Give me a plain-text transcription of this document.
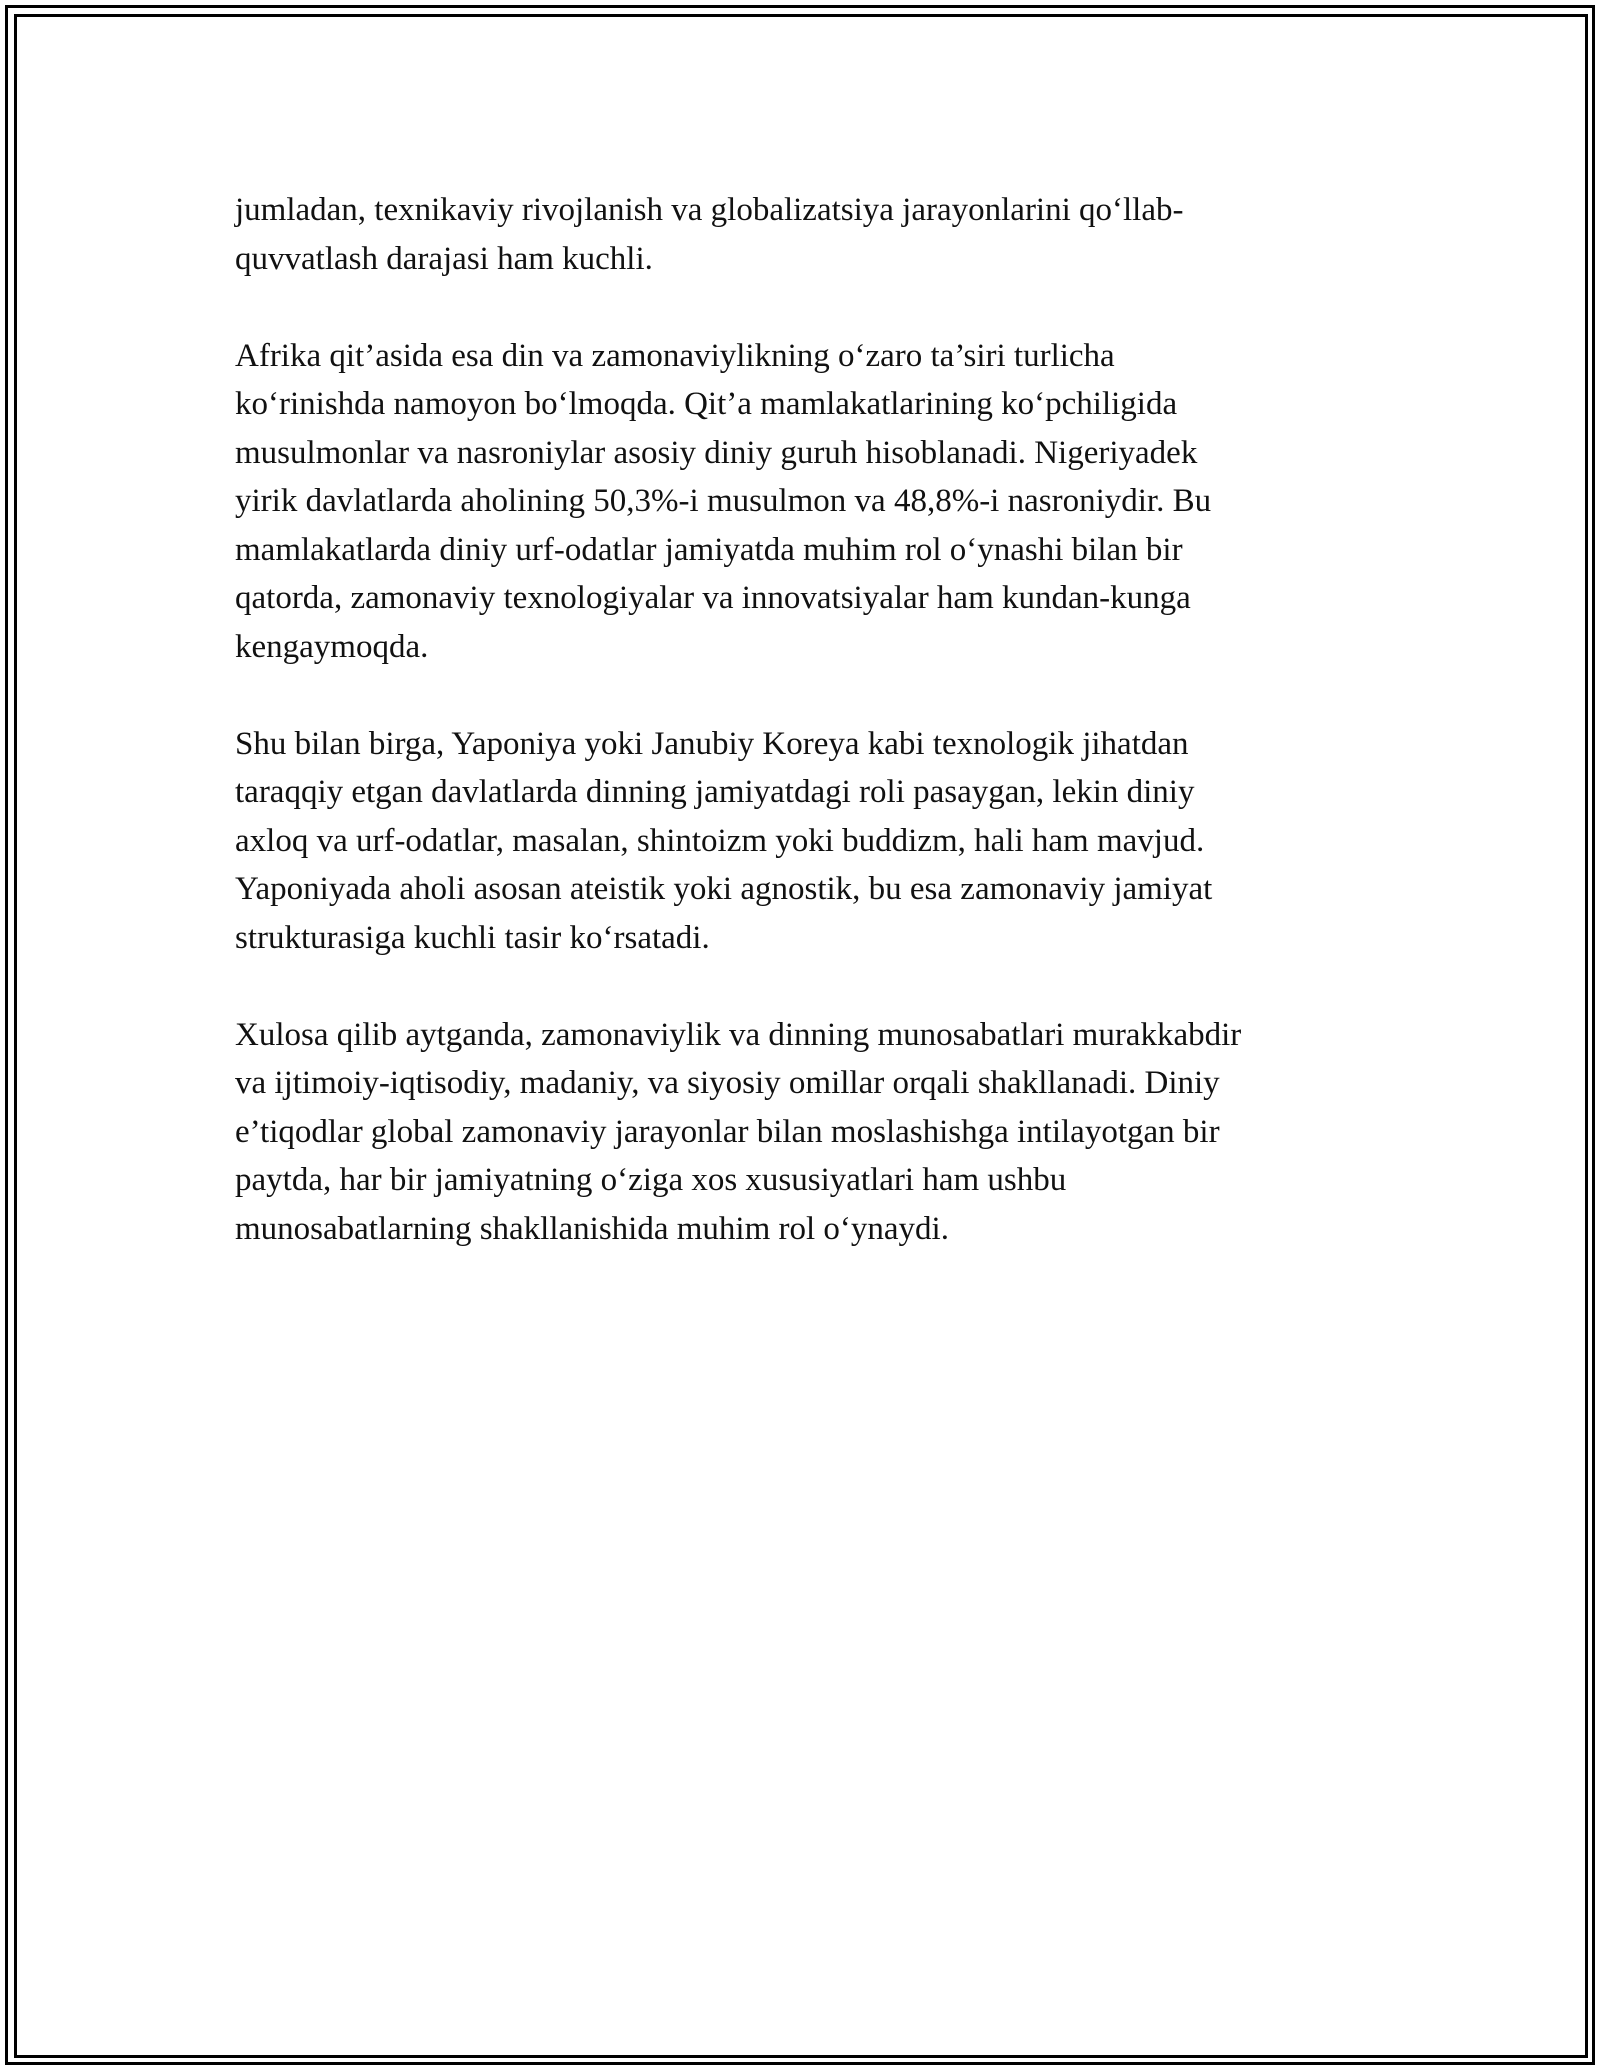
jumladan, texnikaviy rivojlanish va globalizatsiya jarayonlarini qo‘llab-
quvvatlash darajasi ham kuchli.

Afrika qit’asida esa din va zamonaviylikning o‘zaro ta’siri turlicha
ko‘rinishda namoyon bo‘lmoqda. Qit’a mamlakatlarining ko‘pchiligida
musulmonlar va nasroniylar asosiy diniy guruh hisoblanadi. Nigeriyadek
yirik davlatlarda aholining 50,3%-i musulmon va 48,8%-i nasroniydir. Bu
mamlakatlarda diniy urf-odatlar jamiyatda muhim rol o‘ynashi bilan bir
qatorda, zamonaviy texnologiyalar va innovatsiyalar ham kundan-kunga
kengaymoqda.

Shu bilan birga, Yaponiya yoki Janubiy Koreya kabi texnologik jihatdan
taraqqiy etgan davlatlarda dinning jamiyatdagi roli pasaygan, lekin diniy
axloq va urf-odatlar, masalan, shintoizm yoki buddizm, hali ham mavjud.
Yaponiyada aholi asosan ateistik yoki agnostik, bu esa zamonaviy jamiyat
strukturasiga kuchli tasir ko‘rsatadi.

Xulosa qilib aytganda, zamonaviylik va dinning munosabatlari murakkabdir
va ijtimoiy-iqtisodiy, madaniy, va siyosiy omillar orqali shakllanadi. Diniy
e’tiqodlar global zamonaviy jarayonlar bilan moslashishga intilayotgan bir
paytda, har bir jamiyatning o‘ziga xos xususiyatlari ham ushbu
munosabatlarning shakllanishida muhim rol o‘ynaydi.
